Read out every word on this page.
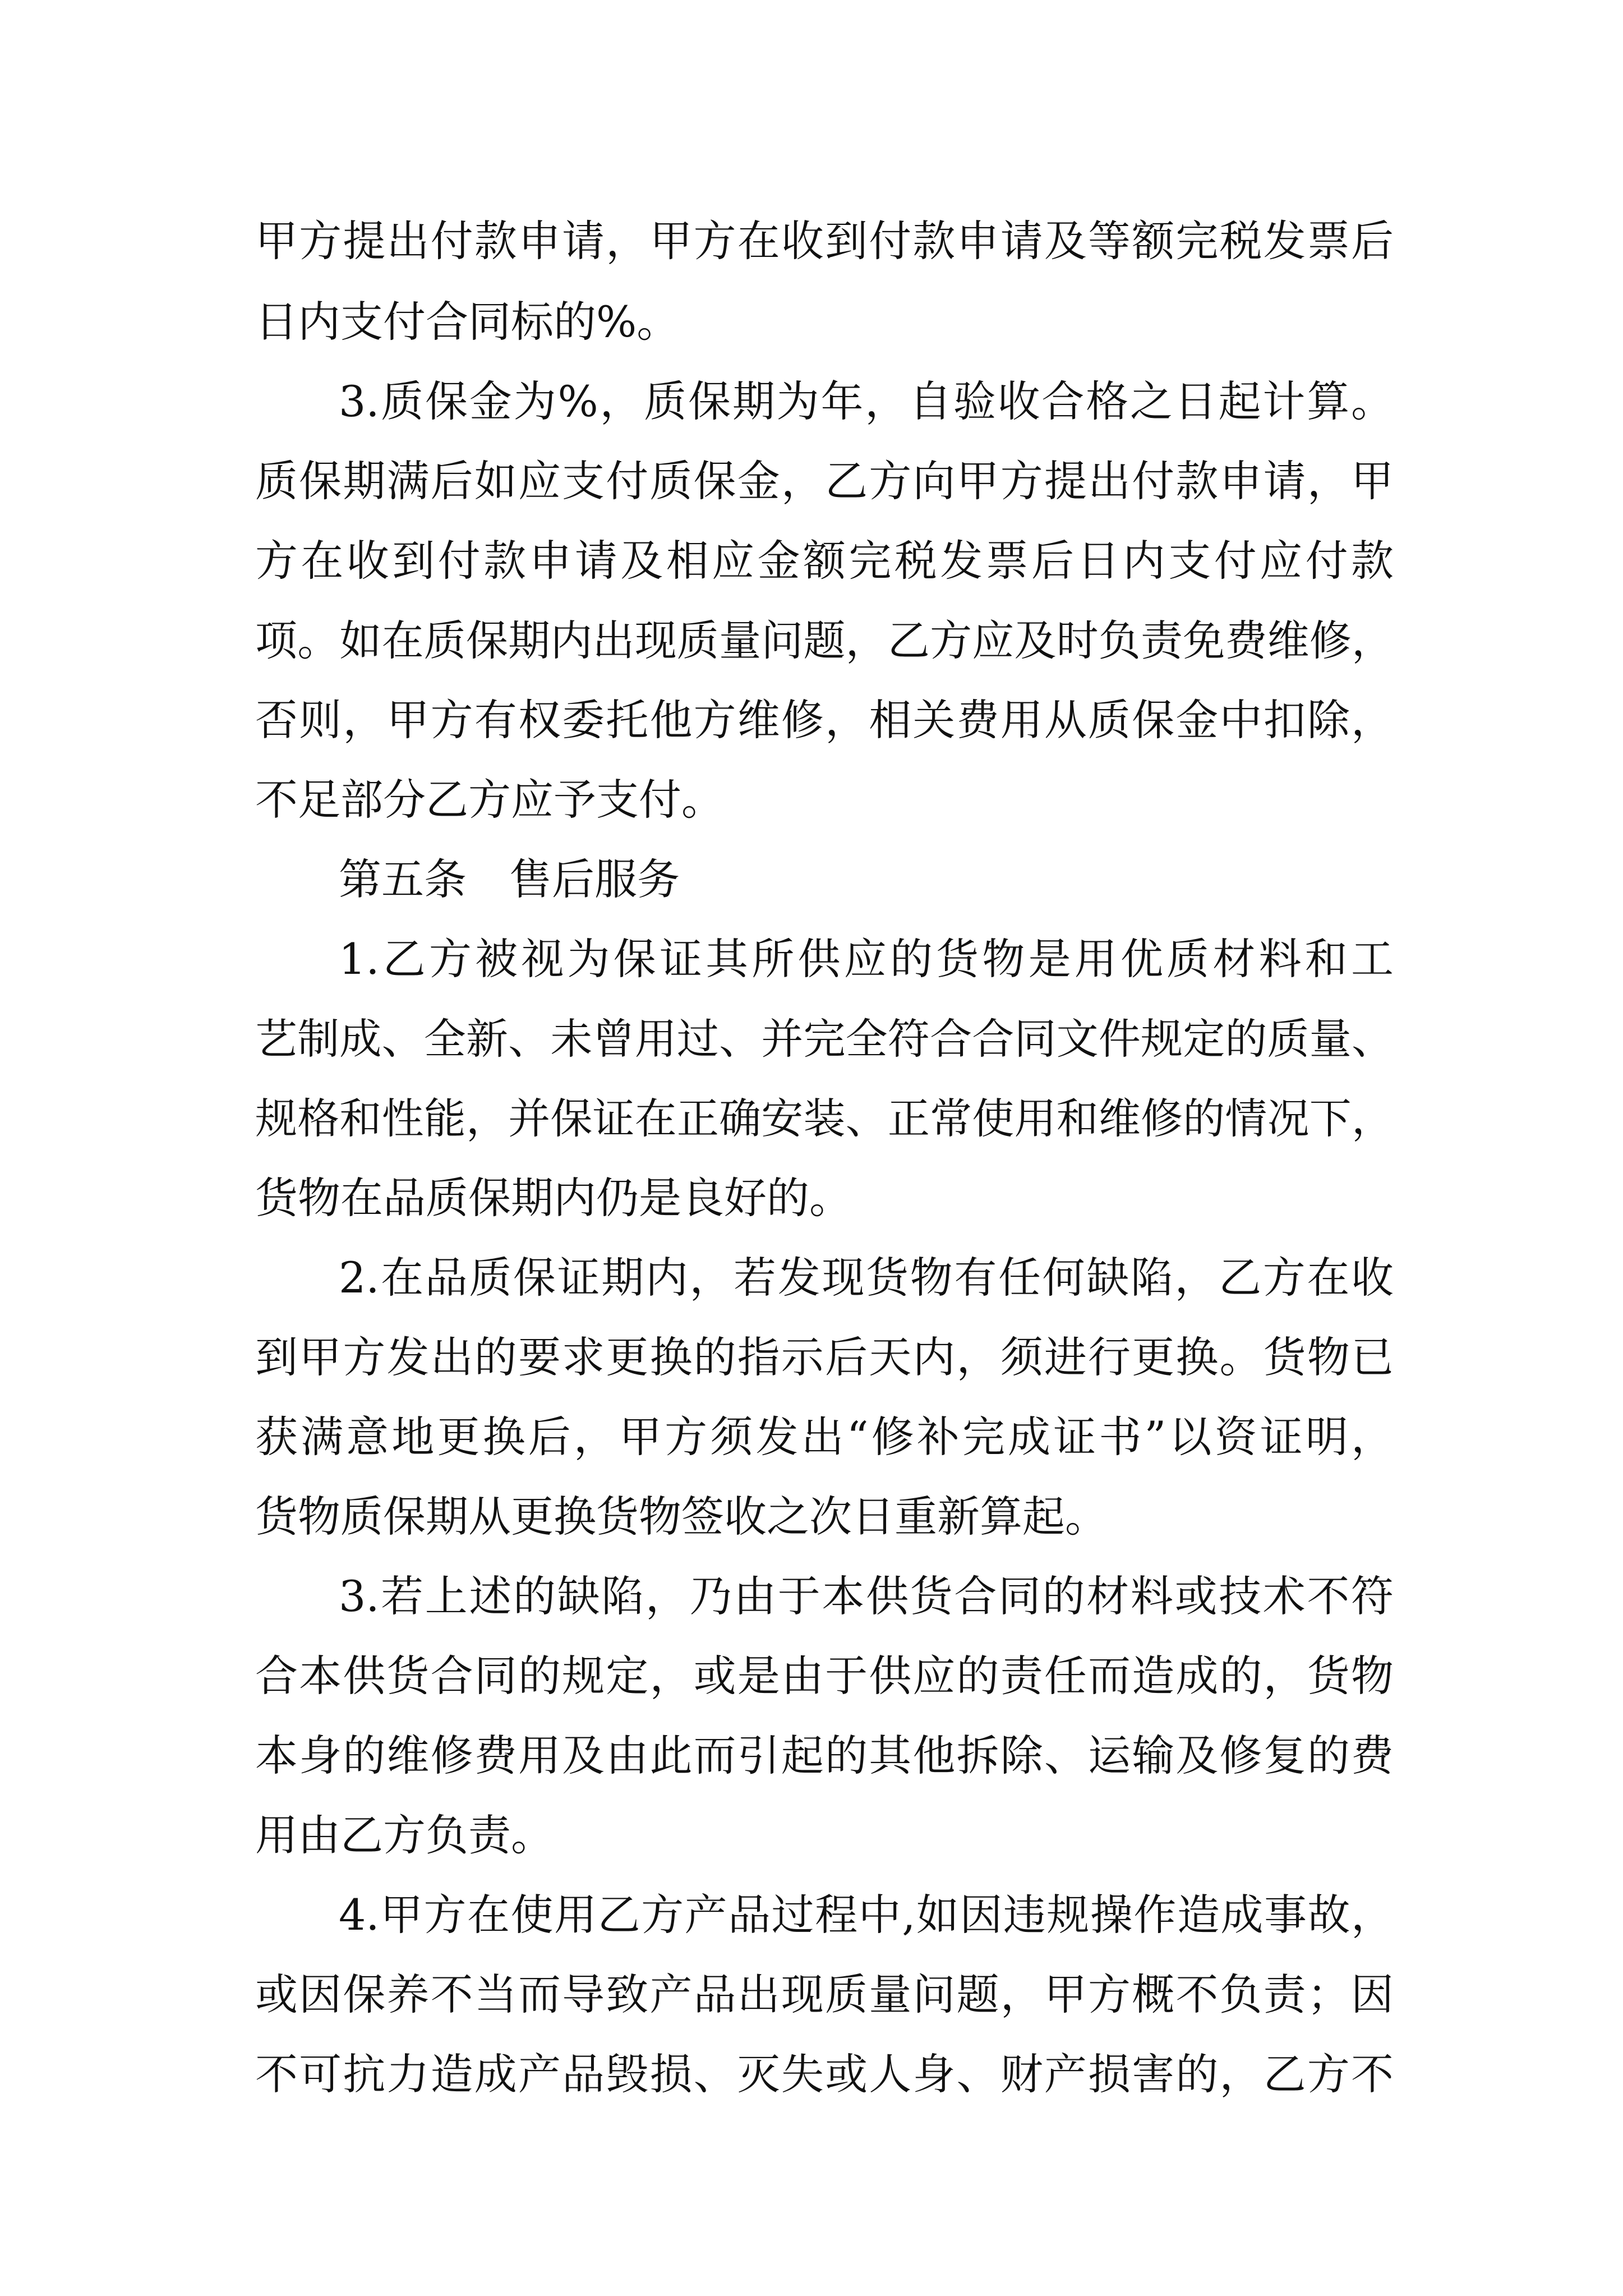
甲方提出付款申请，甲方在收到付款申请及等额完税发票后
日内支付合同标的%。
3.质保金为%，质保期为年，自验收合格之日起计算。
质保期满后如应支付质保金，乙方向甲方提出付款申请，甲
方在收到付款申请及相应金额完税发票后日内支付应付款
项。如在质保期内出现质量问题，乙方应及时负责免费维修，
否则，甲方有权委托他方维修，相关费用从质保金中扣除，
不足部分乙方应予支付。
第五条　售后服务
1.乙方被视为保证其所供应的货物是用优质材料和工
艺制成、全新、未曾用过、并完全符合合同文件规定的质量、
规格和性能，并保证在正确安装、正常使用和维修的情况下，
货物在品质保期内仍是良好的。
2.在品质保证期内，若发现货物有任何缺陷，乙方在收
到甲方发出的要求更换的指示后天内，须进行更换。货物已
获满意地更换后，甲方须发出“修补完成证书”以资证明，
货物质保期从更换货物签收之次日重新算起。
3.若上述的缺陷，乃由于本供货合同的材料或技术不符
合本供货合同的规定，或是由于供应的责任而造成的，货物
本身的维修费用及由此而引起的其他拆除、运输及修复的费
用由乙方负责。
4.甲方在使用乙方产品过程中,如因违规操作造成事故，
或因保养不当而导致产品出现质量问题，甲方概不负责；因
不可抗力造成产品毁损、灭失或人身、财产损害的，乙方不
